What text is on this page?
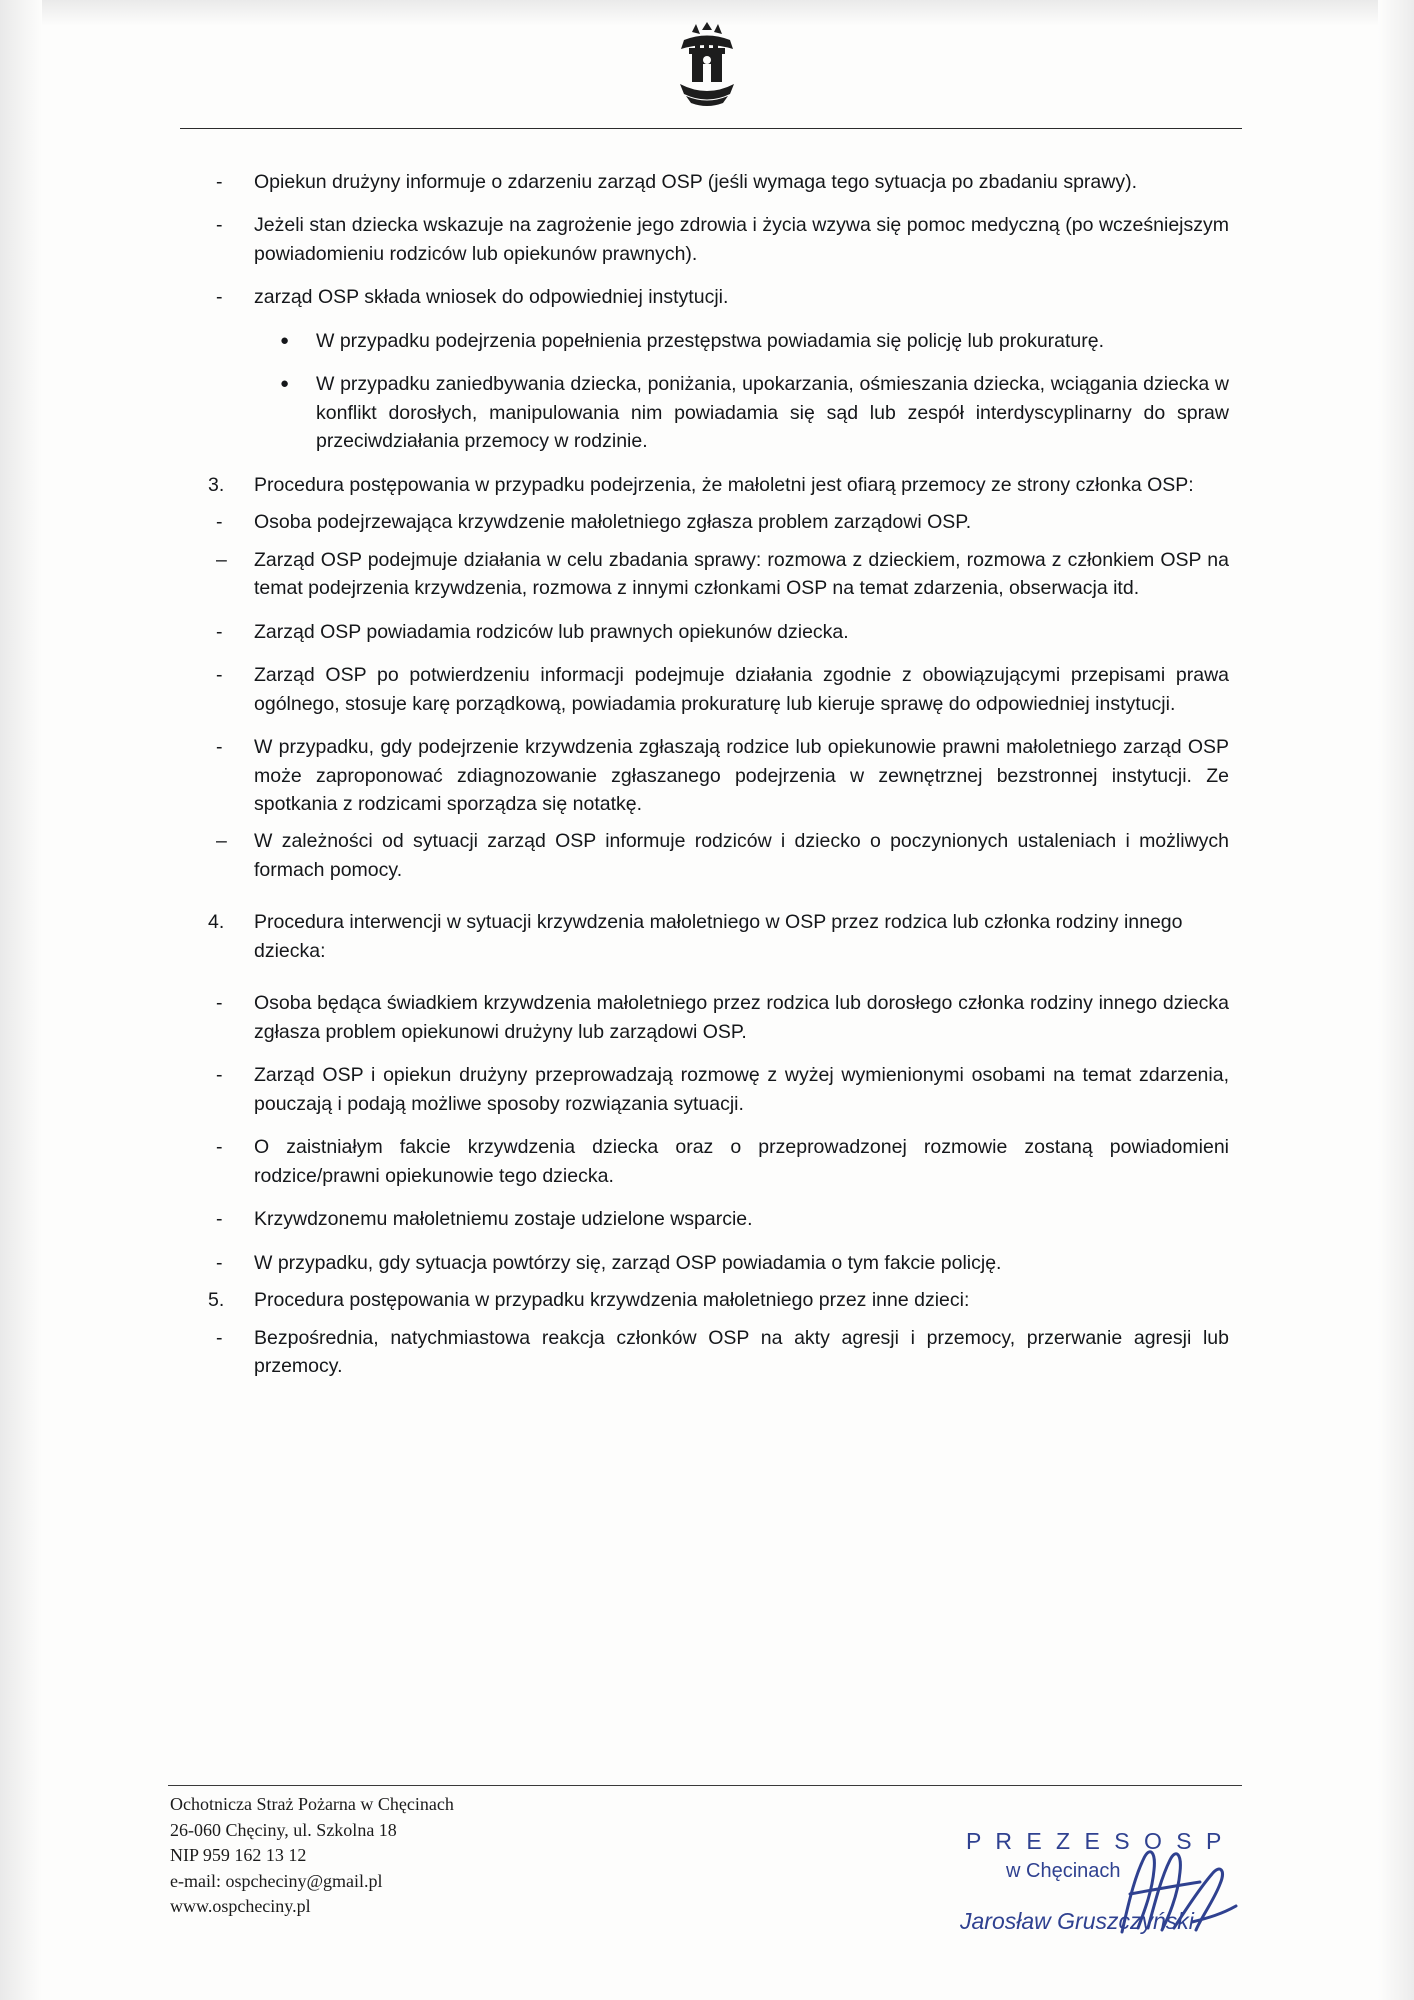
-	Opiekun drużyny informuje o zdarzeniu zarząd OSP (jeśli wymaga tego sytuacja po zbadaniu sprawy).
-	Jeżeli stan dziecka wskazuje na zagrożenie jego zdrowia i życia wzywa się pomoc medyczną (po wcześniejszym powiadomieniu rodziców lub opiekunów prawnych).
-	zarząd OSP składa wniosek do odpowiedniej instytucji.
● W przypadku podejrzenia popełnienia przestępstwa powiadamia się policję lub prokuraturę.
● W przypadku zaniedbywania dziecka, poniżania, upokarzania, ośmieszania dziecka, wciągania dziecka w konflikt dorosłych, manipulowania nim powiadamia się sąd lub zespół interdyscyplinarny do spraw przeciwdziałania przemocy w rodzinie.
3.	Procedura postępowania w przypadku podejrzenia, że małoletni jest ofiarą przemocy ze strony członka OSP:
-	Osoba podejrzewająca krzywdzenie małoletniego zgłasza problem zarządowi OSP.
–	Zarząd OSP podejmuje działania w celu zbadania sprawy: rozmowa z dzieckiem, rozmowa z członkiem OSP na temat podejrzenia krzywdzenia, rozmowa z innymi członkami OSP na temat zdarzenia, obserwacja itd.
-	Zarząd OSP powiadamia rodziców lub prawnych opiekunów dziecka.
-	Zarząd OSP po potwierdzeniu informacji podejmuje działania zgodnie z obowiązującymi przepisami prawa ogólnego, stosuje karę porządkową, powiadamia prokuraturę lub kieruje sprawę do odpowiedniej instytucji.
-	W przypadku, gdy podejrzenie krzywdzenia zgłaszają rodzice lub opiekunowie prawni małoletniego zarząd OSP może zaproponować zdiagnozowanie zgłaszanego podejrzenia w zewnętrznej bezstronnej instytucji. Ze spotkania z rodzicami sporządza się notatkę.
–	W zależności od sytuacji zarząd OSP informuje rodziców i dziecko o poczynionych ustaleniach i możliwych formach pomocy.
4.	Procedura interwencji w sytuacji krzywdzenia małoletniego w OSP przez rodzica lub członka rodziny innego dziecka:
-	Osoba będąca świadkiem krzywdzenia małoletniego przez rodzica lub dorosłego członka rodziny innego dziecka zgłasza problem opiekunowi drużyny lub zarządowi OSP.
-	Zarząd OSP i opiekun drużyny przeprowadzają rozmowę z wyżej wymienionymi osobami na temat zdarzenia, pouczają i podają możliwe sposoby rozwiązania sytuacji.
-	O zaistniałym fakcie krzywdzenia dziecka oraz o przeprowadzonej rozmowie zostaną powiadomieni rodzice/prawni opiekunowie tego dziecka.
-	Krzywdzonemu małoletniemu zostaje udzielone wsparcie.
-	W przypadku, gdy sytuacja powtórzy się, zarząd OSP powiadamia o tym fakcie policję.
5.	Procedura postępowania w przypadku krzywdzenia małoletniego przez inne dzieci:
-	Bezpośrednia, natychmiastowa reakcja członków OSP na akty agresji i przemocy, przerwanie agresji lub przemocy.
Ochotnicza Straż Pożarna w Chęcinach
26-060 Chęciny, ul. Szkolna 18
NIP 959 162 13 12
e-mail: ospcheciny@gmail.pl
www.ospcheciny.pl
P R E Z E S O S P
w Chęcinach
Jarosław Gruszczyński
